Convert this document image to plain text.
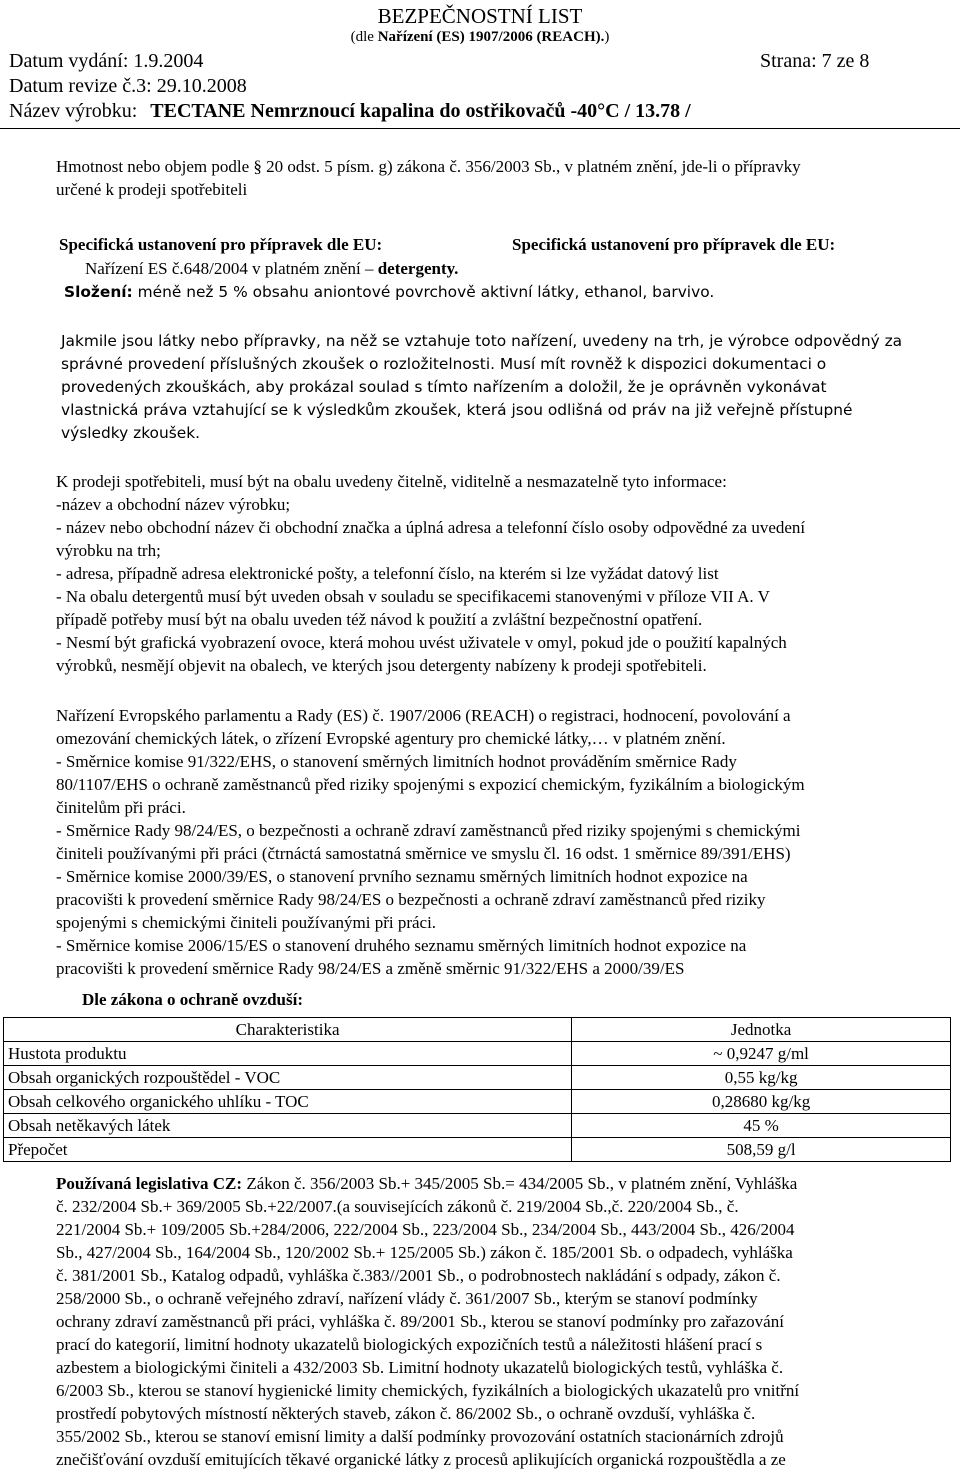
BEZPEČNOSTNÍ LIST
(dle Nařízení (ES) 1907/2006 (REACH).)
Datum vydání: 1.9.2004	Strana: 7 ze 8
Datum revize č.3: 29.10.2008
Název výrobku: TECTANE Nemrznoucí kapalina do ostřikovačů -40°C / 13.78 /
Hmotnost nebo objem podle § 20 odst. 5 písm. g) zákona č. 356/2003 Sb., v platném znění, jde-li o přípravky
určené k prodeji spotřebiteli
Specifická ustanovení pro přípravek dle EU:	Specifická ustanovení pro přípravek dle EU:
Nařízení ES č.648/2004 v platném znění – detergenty.
Složení: méně než 5 % obsahu aniontové povrchově aktivní látky, ethanol, barvivo.
Jakmile jsou látky nebo přípravky, na něž se vztahuje toto nařízení, uvedeny na trh, je výrobce odpovědný za
správné provedení příslušných zkoušek o rozložitelnosti. Musí mít rovněž k dispozici dokumentaci o
provedených zkouškách, aby prokázal soulad s tímto nařízením a doložil, že je oprávněn vykonávat
vlastnická práva vztahující se k výsledkům zkoušek, která jsou odlišná od práv na již veřejně přístupné
výsledky zkoušek.
K prodeji spotřebiteli, musí být na obalu uvedeny čitelně, viditelně a nesmazatelně tyto informace:
-název a obchodní název výrobku;
- název nebo obchodní název či obchodní značka a úplná adresa a telefonní číslo osoby odpovědné za uvedení
výrobku na trh;
- adresa, případně adresa elektronické pošty, a telefonní číslo, na kterém si lze vyžádat datový list
- Na obalu detergentů musí být uveden obsah v souladu se specifikacemi stanovenými v příloze VII A. V
případě potřeby musí být na obalu uveden též návod k použití a zvláštní bezpečnostní opatření.
- Nesmí být grafická vyobrazení ovoce, která mohou uvést uživatele v omyl, pokud jde o použití kapalných
výrobků, nesmějí objevit na obalech, ve kterých jsou detergenty nabízeny k prodeji spotřebiteli.
Nařízení Evropského parlamentu a Rady (ES) č. 1907/2006 (REACH) o registraci, hodnocení, povolování a
omezování chemických látek, o zřízení Evropské agentury pro chemické látky,… v platném znění.
- Směrnice komise 91/322/EHS, o stanovení směrných limitních hodnot prováděním směrnice Rady
80/1107/EHS o ochraně zaměstnanců před riziky spojenými s expozicí chemickým, fyzikálním a biologickým
činitelům při práci.
- Směrnice Rady 98/24/ES, o bezpečnosti a ochraně zdraví zaměstnanců před riziky spojenými s chemickými
činiteli používanými při práci (čtrnáctá samostatná směrnice ve smyslu čl. 16 odst. 1 směrnice 89/391/EHS)
- Směrnice komise 2000/39/ES, o stanovení prvního seznamu směrných limitních hodnot expozice na
pracovišti k provedení směrnice Rady 98/24/ES o bezpečnosti a ochraně zdraví zaměstnanců před riziky
spojenými s chemickými činiteli používanými při práci.
- Směrnice komise 2006/15/ES o stanovení druhého seznamu směrných limitních hodnot expozice na
pracovišti k provedení směrnice Rady 98/24/ES a změně směrnic 91/322/EHS a 2000/39/ES
Dle zákona o ochraně ovzduší:
Charakteristika	Jednotka
Hustota produktu	~ 0,9247 g/ml
Obsah organických rozpouštědel - VOC	0,55 kg/kg
Obsah celkového organického uhlíku - TOC	0,28680 kg/kg
Obsah netěkavých látek	45 %
Přepočet	508,59 g/l
Používaná legislativa CZ: Zákon č. 356/2003 Sb.+ 345/2005 Sb.= 434/2005 Sb., v platném znění, Vyhláška
č. 232/2004 Sb.+ 369/2005 Sb.+22/2007.(a souvisejících zákonů č. 219/2004 Sb.,č. 220/2004 Sb., č.
221/2004 Sb.+ 109/2005 Sb.+284/2006, 222/2004 Sb., 223/2004 Sb., 234/2004 Sb., 443/2004 Sb., 426/2004
Sb., 427/2004 Sb., 164/2004 Sb., 120/2002 Sb.+ 125/2005 Sb.) zákon č. 185/2001 Sb. o odpadech, vyhláška
č. 381/2001 Sb., Katalog odpadů, vyhláška č.383//2001 Sb., o podrobnostech nakládání s odpady, zákon č.
258/2000 Sb., o ochraně veřejného zdraví, nařízení vlády č. 361/2007 Sb., kterým se stanoví podmínky
ochrany zdraví zaměstnanců při práci, vyhláška č. 89/2001 Sb., kterou se stanoví podmínky pro zařazování
prací do kategorií, limitní hodnoty ukazatelů biologických expozičních testů a náležitosti hlášení prací s
azbestem a biologickými činiteli a 432/2003 Sb. Limitní hodnoty ukazatelů biologických testů, vyhláška č.
6/2003 Sb., kterou se stanoví hygienické limity chemických, fyzikálních a biologických ukazatelů pro vnitřní
prostředí pobytových místností některých staveb, zákon č. 86/2002 Sb., o ochraně ovzduší, vyhláška č.
355/2002 Sb., kterou se stanoví emisní limity a další podmínky provozování ostatních stacionárních zdrojů
znečišťování ovzduší emitujících těkavé organické látky z procesů aplikujících organická rozpouštědla a ze
